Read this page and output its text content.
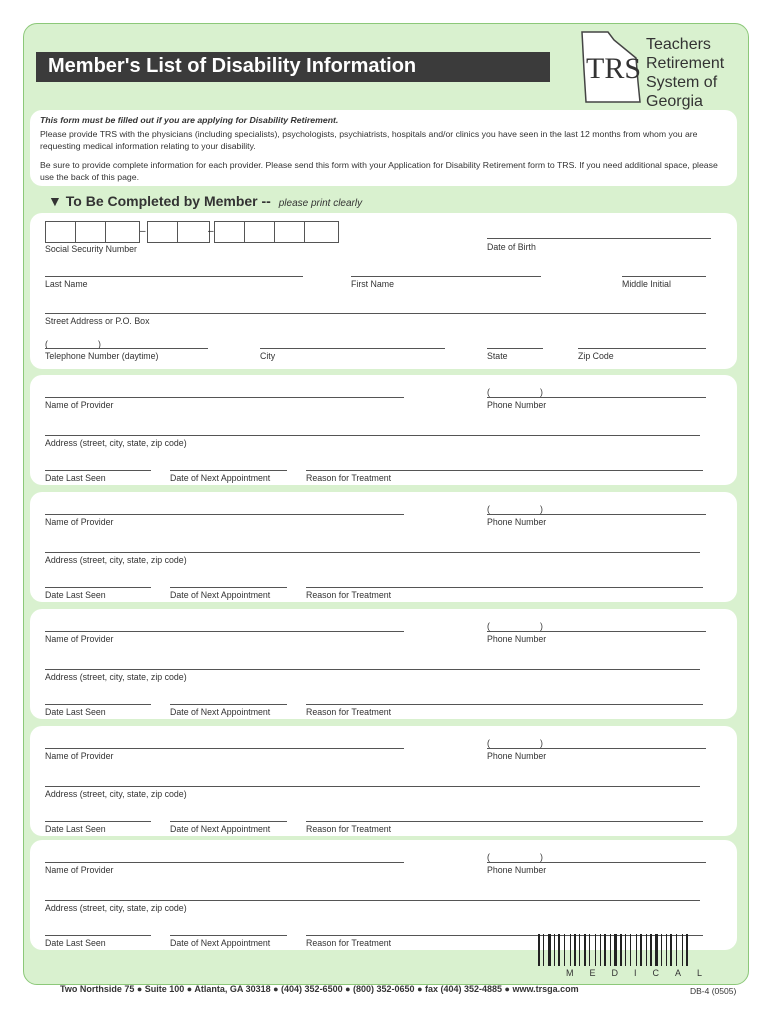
Member's List of Disability Information	TRS
Teachers
Retirement
System of
Georgia
This form must be filled out if you are applying for Disability Retirement.
Please provide TRS with the physicians (including specialists), psychologists, psychiatrists, hospitals and/or clinics you have seen in the last 12 months from whom you are requesting medical information relating to your disability.
Be sure to provide complete information for each provider. Please send this form with your Application for Disability Retirement form to TRS. If you need additional space, please use the back of this page.
▼ To Be Completed by Member -- please print clearly
–	–
Social Security Number	Date of Birth
Last Name	First Name	Middle Initial
Street Address or P.O. Box
(	)
Telephone Number (daytime)	City	State	Zip Code
Name of Provider
(	)
Phone Number
Address (street, city, state, zip code)
Date Last Seen	Date of Next Appointment	Reason for Treatment
Name of Provider
(	)
Phone Number
Address (street, city, state, zip code)
Date Last Seen	Date of Next Appointment	Reason for Treatment
Name of Provider
(	)
Phone Number
Address (street, city, state, zip code)
Date Last Seen	Date of Next Appointment	Reason for Treatment
Name of Provider
(	)
Phone Number
Address (street, city, state, zip code)
Date Last Seen	Date of Next Appointment	Reason for Treatment
Name of Provider
(	)
Phone Number
Address (street, city, state, zip code)
Date Last Seen	Date of Next Appointment	Reason for Treatment
MEDICAL
Two Northside 75 ● Suite 100 ● Atlanta, GA 30318 ● (404) 352-6500 ● (800) 352-0650 ● fax (404) 352-4885 ● www.trsga.com	DB-4 (0505)
